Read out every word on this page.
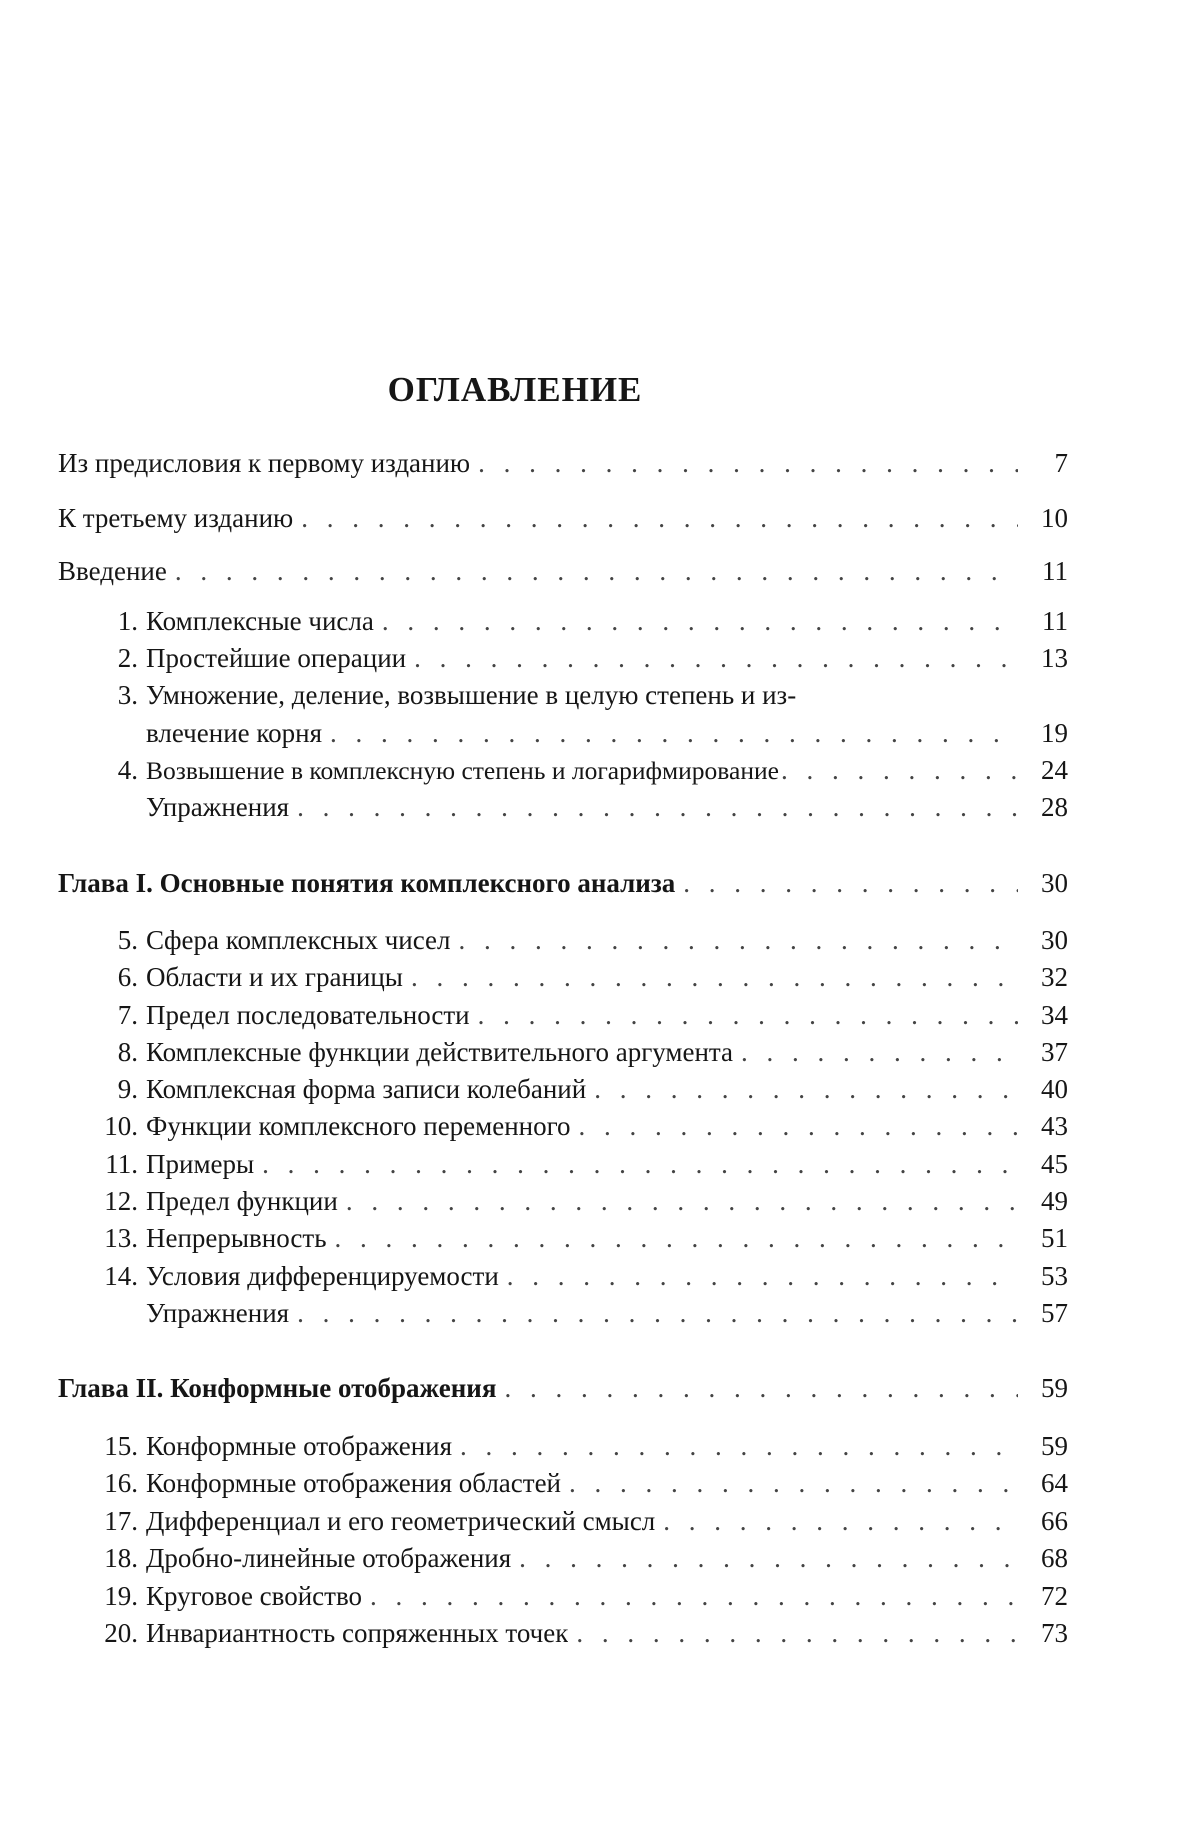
ОГЛАВЛЕНИЕ
Из предисловия к первому изданию . . .	7
К третьему изданию . . .	10
Введение . . .	11
1. Комплексные числа . . .	11
2. Простейшие операции . . .	13
3. Умножение, деление, возвышение в целую степень и из-
влечение корня . . .	19
4. Возвышение в комплексную степень и логарифмирование . . .	24
Упражнения . . .	28
Глава I. Основные понятия комплексного анализа . . .	30
5. Сфера комплексных чисел . . .	30
6. Области и их границы . . .	32
7. Предел последовательности . . .	34
8. Комплексные функции действительного аргумента . . .	37
9. Комплексная форма записи колебаний . . .	40
10. Функции комплексного переменного . . .	43
11. Примеры . . .	45
12. Предел функции . . .	49
13. Непрерывность . . .	51
14. Условия дифференцируемости . . .	53
Упражнения . . .	57
Глава II. Конформные отображения . . .	59
15. Конформные отображения . . .	59
16. Конформные отображения областей . . .	64
17. Дифференциал и его геометрический смысл . . .	66
18. Дробно-линейные отображения . . .	68
19. Круговое свойство . . .	72
20. Инвариантность сопряженных точек . . .	73
